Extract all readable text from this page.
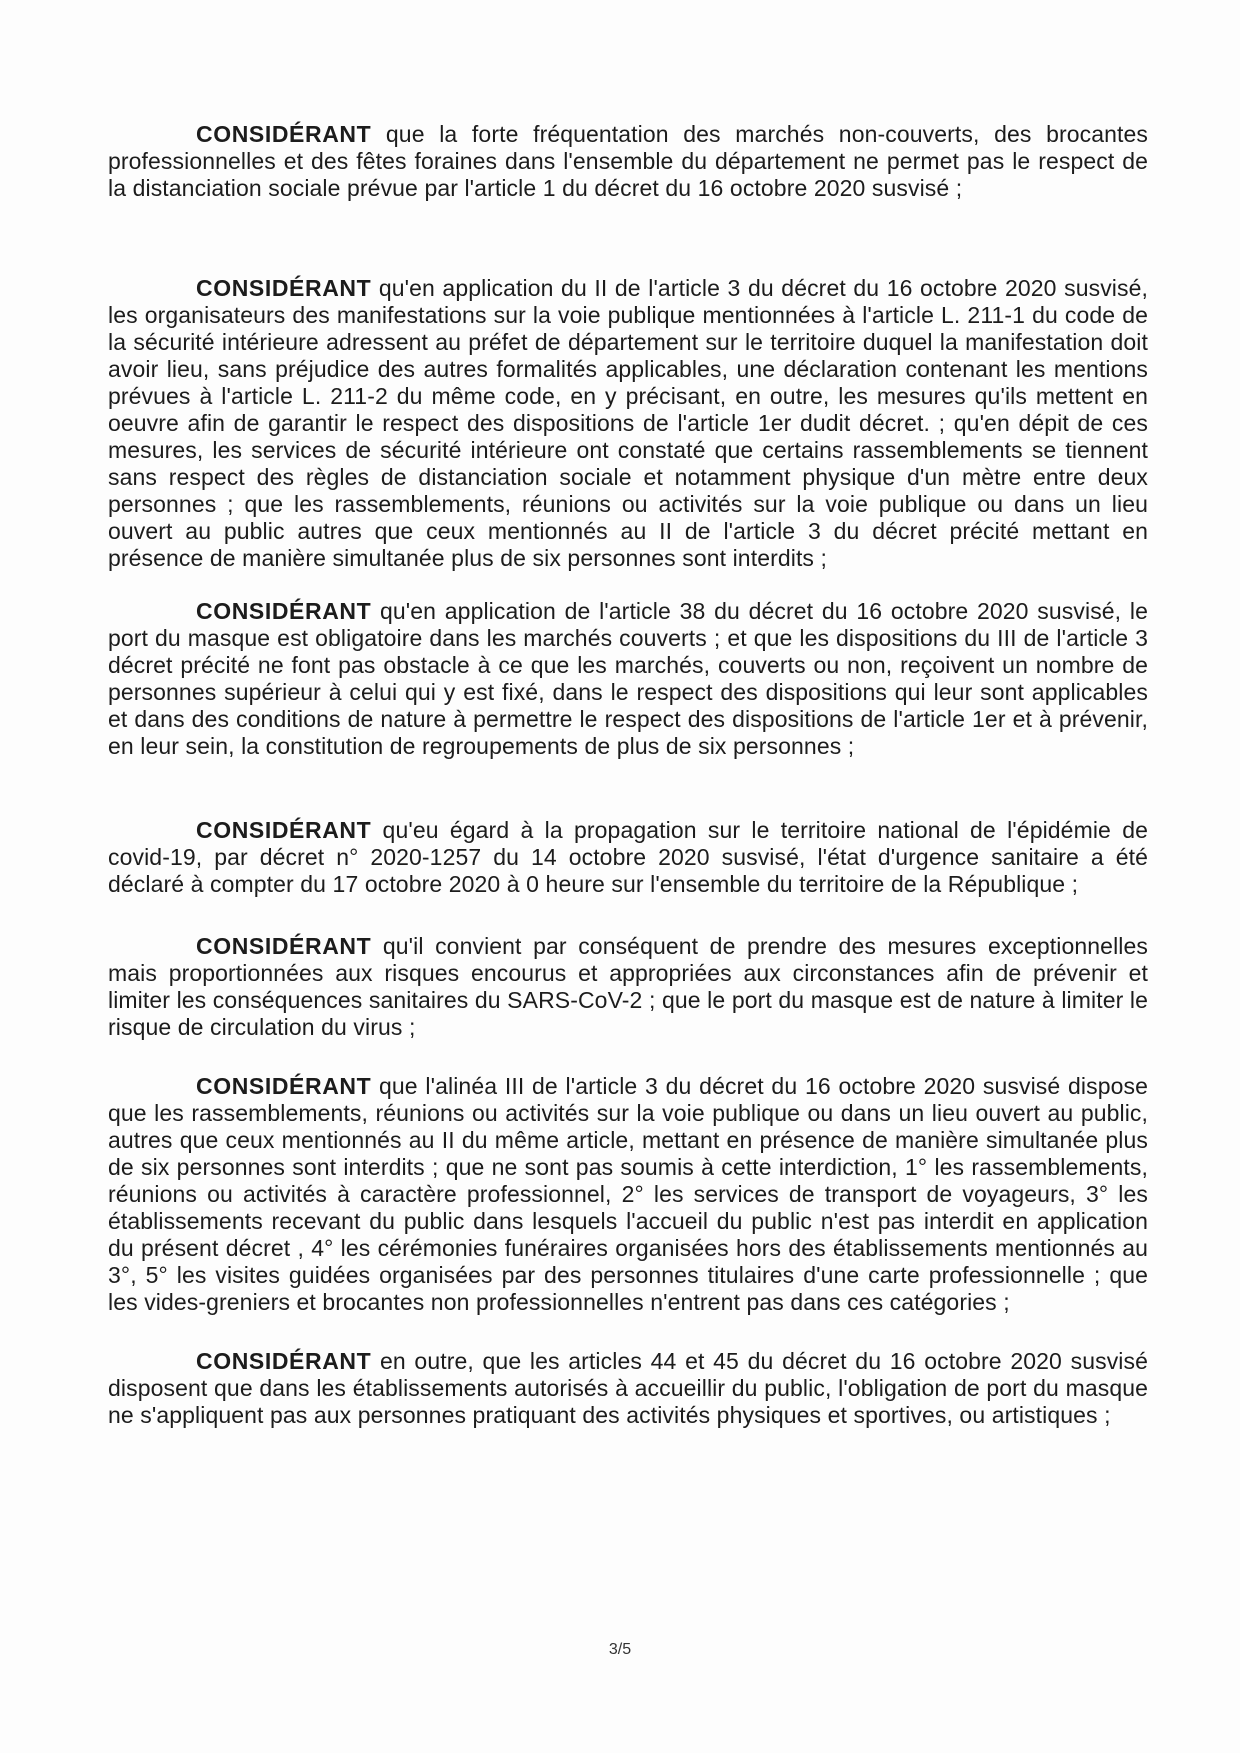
CONSIDÉRANT que la forte fréquentation des marchés non-couverts, des brocantes professionnelles et des fêtes foraines dans l'ensemble du département ne permet pas le respect de la distanciation sociale prévue par l'article 1 du décret du 16 octobre 2020 susvisé ;

CONSIDÉRANT qu'en application du II de l'article 3 du décret du 16 octobre 2020 susvisé, les organisateurs des manifestations sur la voie publique mentionnées à l'article L. 211-1 du code de la sécurité intérieure adressent au préfet de département sur le territoire duquel la manifestation doit avoir lieu, sans préjudice des autres formalités applicables, une déclaration contenant les mentions prévues à l'article L. 211-2 du même code, en y précisant, en outre, les mesures qu'ils mettent en oeuvre afin de garantir le respect des dispositions de l'article 1er dudit décret. ; qu'en dépit de ces mesures, les services de sécurité intérieure ont constaté que certains rassemblements se tiennent sans respect des règles de distanciation sociale et notamment physique d'un mètre entre deux personnes ; que les rassemblements, réunions ou activités sur la voie publique ou dans un lieu ouvert au public autres que ceux mentionnés au II de l'article 3 du décret précité mettant en présence de manière simultanée plus de six personnes sont interdits ;

CONSIDÉRANT qu'en application de l'article 38 du décret du 16 octobre 2020 susvisé, le port du masque est obligatoire dans les marchés couverts ; et que les dispositions du III de l'article 3 décret précité ne font pas obstacle à ce que les marchés, couverts ou non, reçoivent un nombre de personnes supérieur à celui qui y est fixé, dans le respect des dispositions qui leur sont applicables et dans des conditions de nature à permettre le respect des dispositions de l'article 1er et à prévenir, en leur sein, la constitution de regroupements de plus de six personnes ;

CONSIDÉRANT qu'eu égard à la propagation sur le territoire national de l'épidémie de covid-19, par décret n° 2020-1257 du 14 octobre 2020 susvisé, l'état d'urgence sanitaire a été déclaré à compter du 17 octobre 2020 à 0 heure sur l'ensemble du territoire de la République ;

CONSIDÉRANT qu'il convient par conséquent de prendre des mesures exceptionnelles mais proportionnées aux risques encourus et appropriées aux circonstances afin de prévenir et limiter les conséquences sanitaires du SARS-CoV-2 ; que le port du masque est de nature à limiter le risque de circulation du virus ;

CONSIDÉRANT que l'alinéa III de l'article 3 du décret du 16 octobre 2020 susvisé dispose que les rassemblements, réunions ou activités sur la voie publique ou dans un lieu ouvert au public, autres que ceux mentionnés au II du même article, mettant en présence de manière simultanée plus de six personnes sont interdits ; que ne sont pas soumis à cette interdiction, 1° les rassemblements, réunions ou activités à caractère professionnel, 2° les services de transport de voyageurs, 3° les établissements recevant du public dans lesquels l'accueil du public n'est pas interdit en application du présent décret , 4° les cérémonies funéraires organisées hors des établissements mentionnés au 3°, 5° les visites guidées organisées par des personnes titulaires d'une carte professionnelle ; que les vides-greniers et brocantes non professionnelles n'entrent pas dans ces catégories ;

CONSIDÉRANT en outre, que les articles 44 et 45 du décret du 16 octobre 2020 susvisé disposent que dans les établissements autorisés à accueillir du public, l'obligation de port du masque ne s'appliquent pas aux personnes pratiquant des activités physiques et sportives, ou artistiques ;

3/5
